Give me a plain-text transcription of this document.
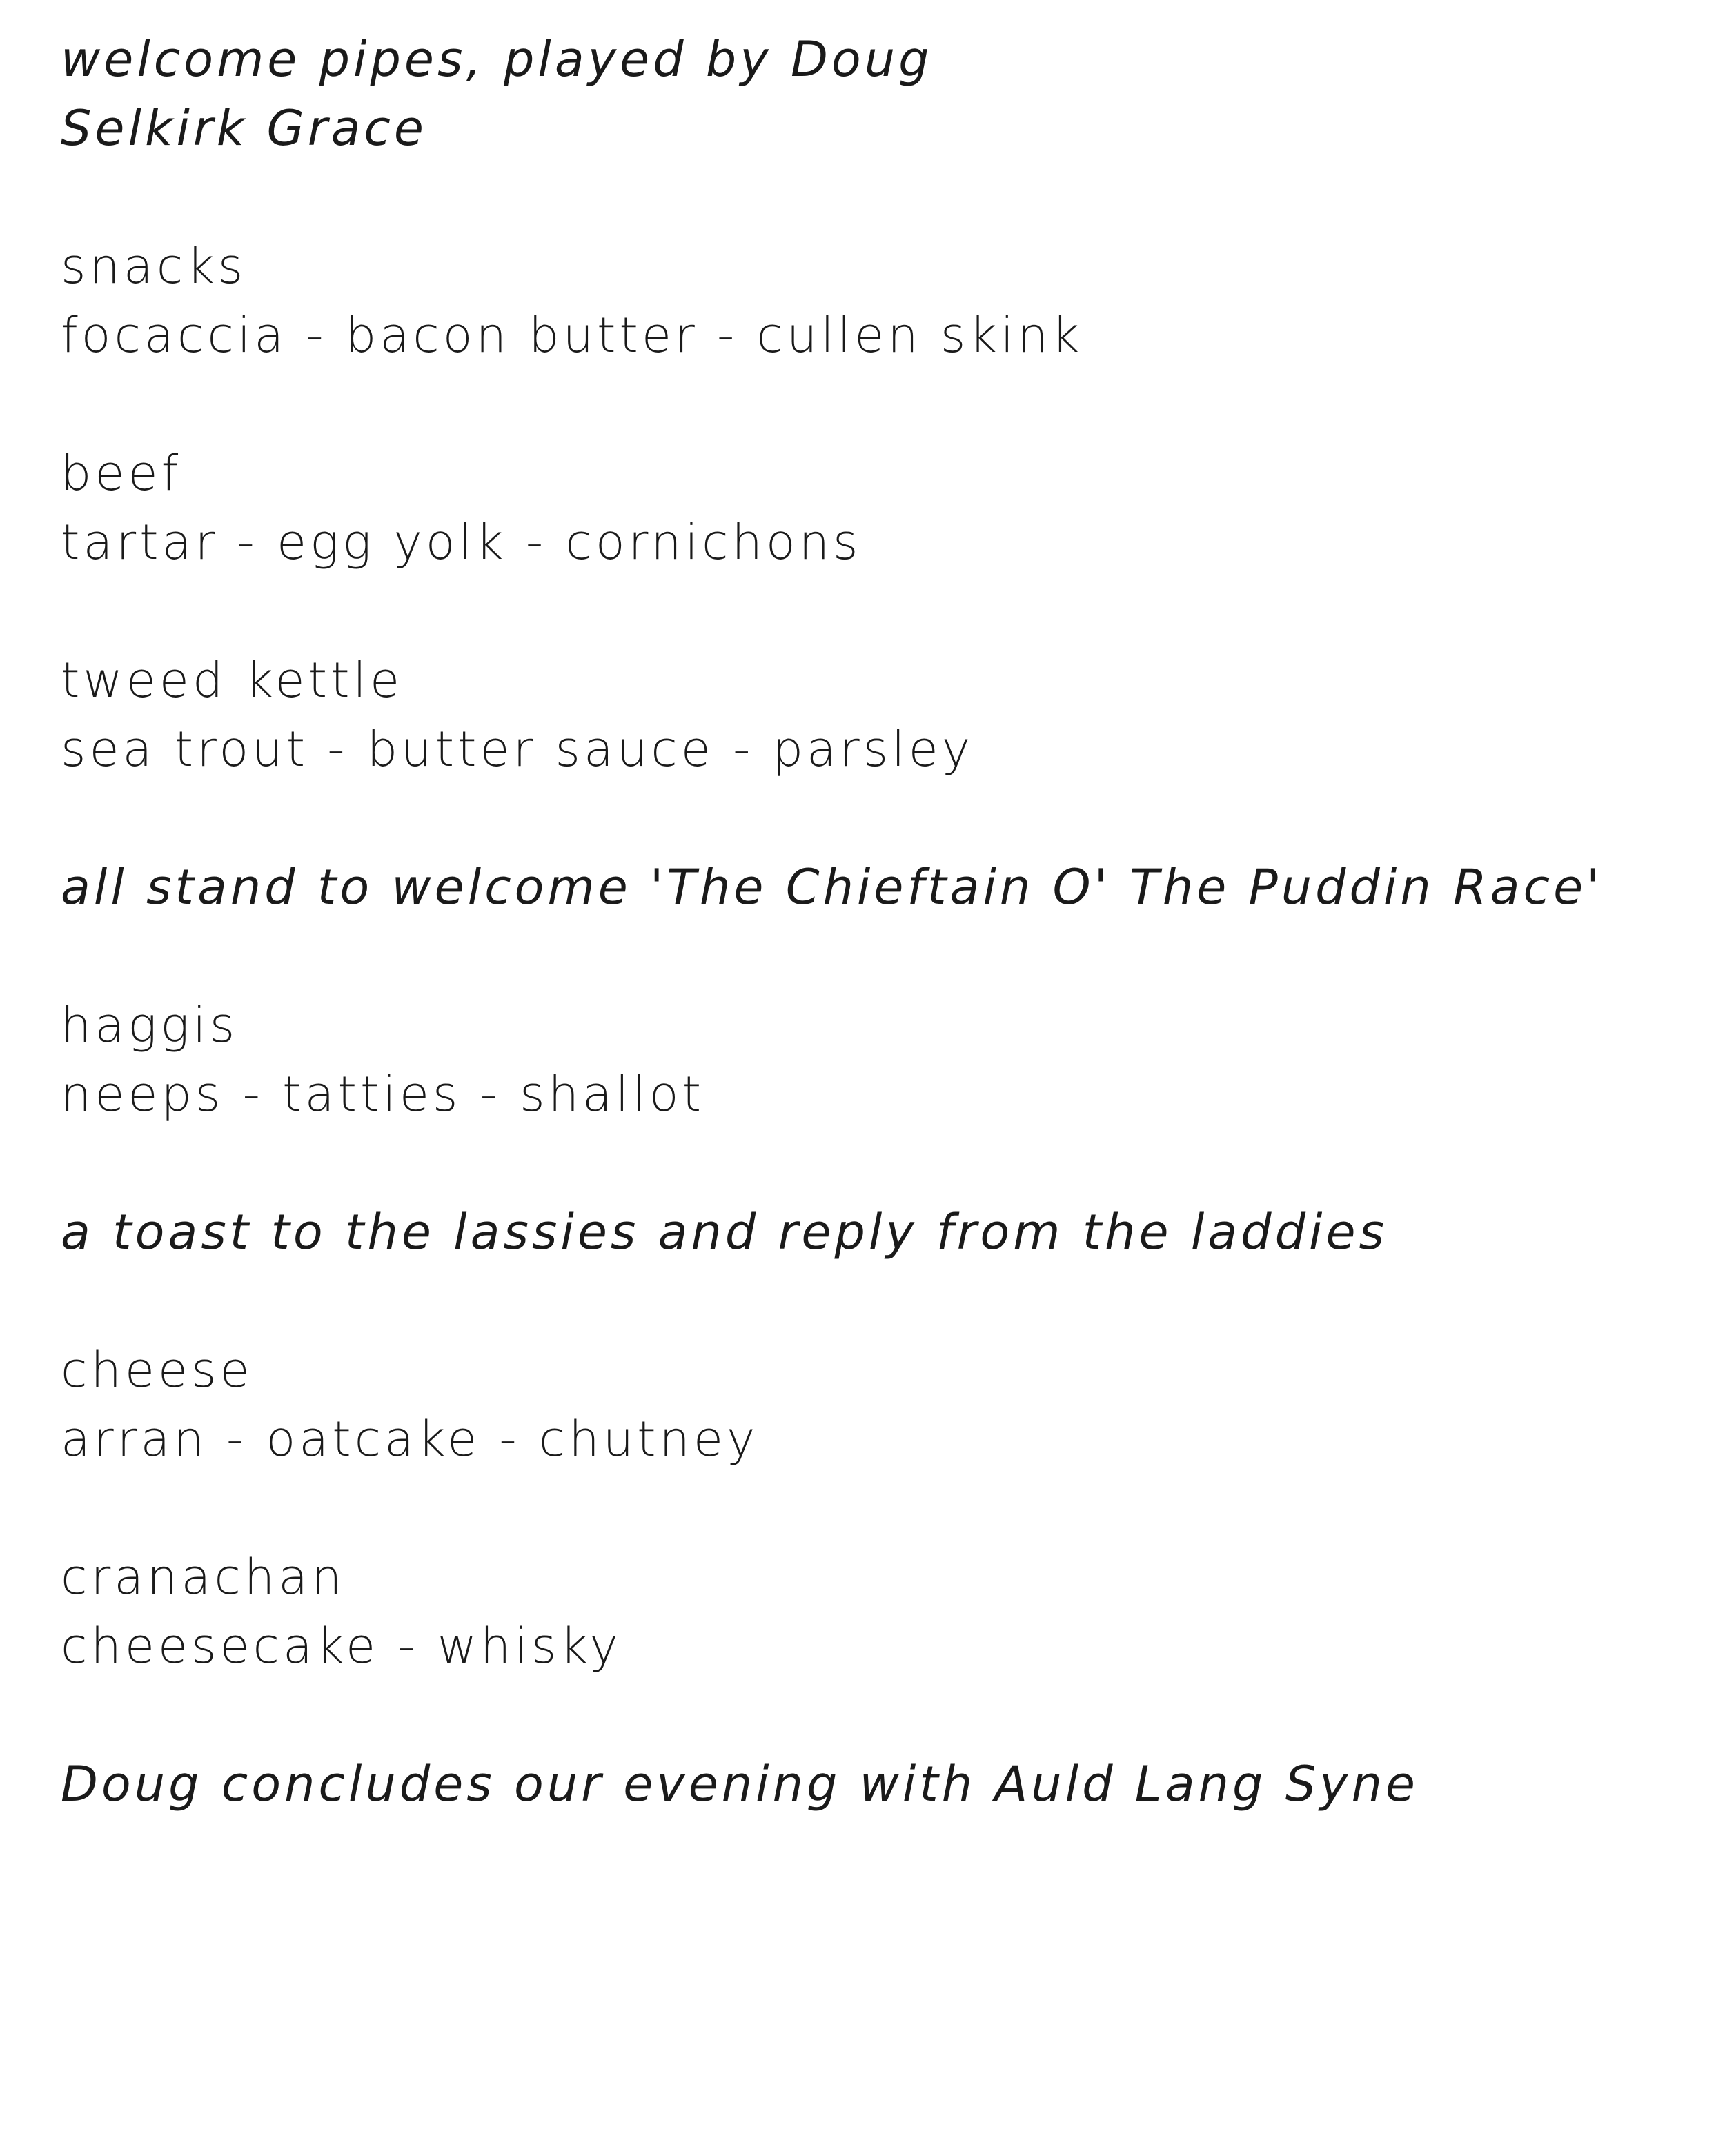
welcome pipes, played by Doug
Selkirk Grace
snacks
focaccia - bacon butter - cullen skink
beef
tartar - egg yolk - cornichons
tweed kettle
sea trout - butter sauce - parsley
all stand to welcome 'The Chieftain O' The Puddin Race'
haggis
neeps - tatties - shallot
a toast to the lassies and reply from the laddies
cheese
arran - oatcake - chutney
cranachan
cheesecake - whisky
Doug concludes our evening with Auld Lang Syne
